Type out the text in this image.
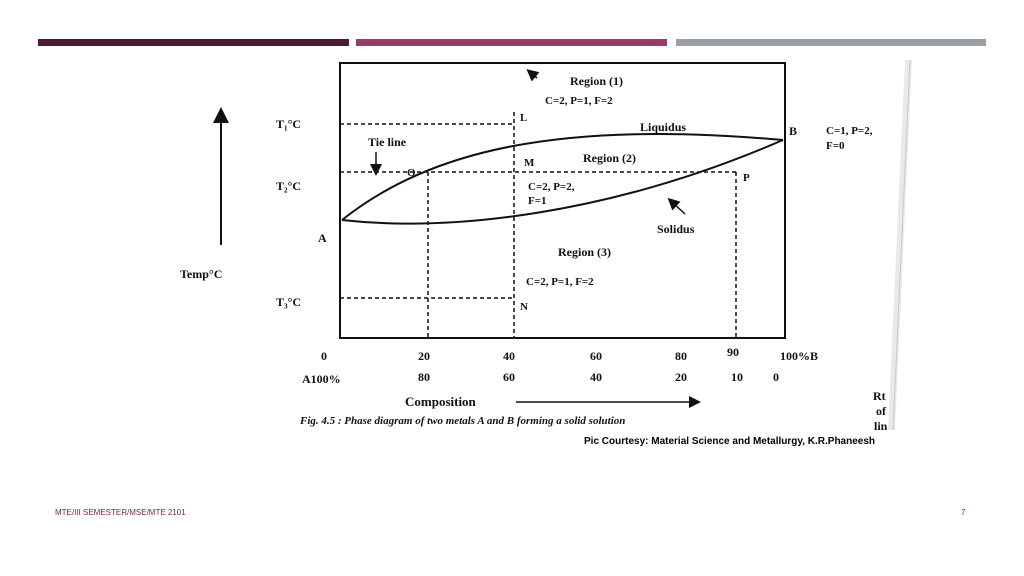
Region (1)
C=2, P=1, F=2
Region (2)
C=2, P=2,
F=1
Region (3)
C=2, P=1, F=2
Liquidus
Solidus
Tie line
A
B
L
M
N
O	P
C=1, P=2,
F=0
T₁°C
T₂°C
T₃°C
Temp°C
0	20	40	60	80	90	100%B
A100%	80	60	40	20	10	0
Composition
Fig. 4.5 : Phase diagram of two metals A and B forming a solid solution
Rt
of
lin
Pic Courtesy: Material Science and Metallurgy, K.R.Phaneesh
MTE/III SEMESTER/MSE/MTE 2101	7
